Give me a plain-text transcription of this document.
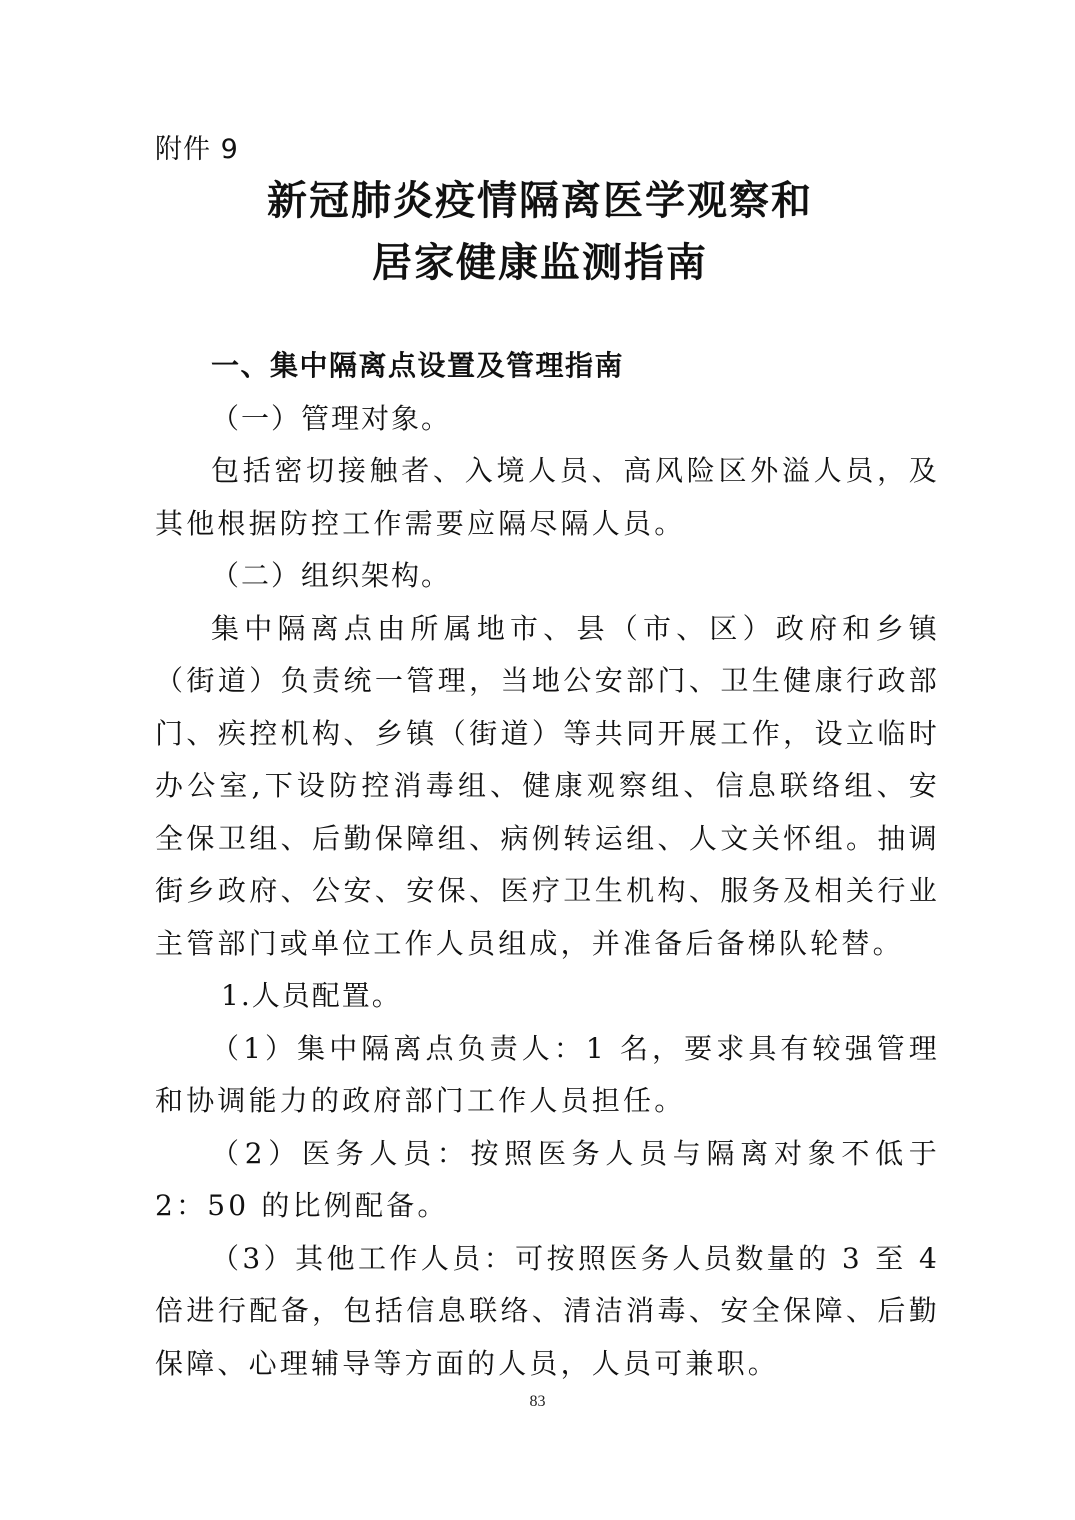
附件 9
新冠肺炎疫情隔离医学观察和
居家健康监测指南

一、集中隔离点设置及管理指南

（一）管理对象。

包括密切接触者、入境人员、高风险区外溢人员，及其他根据防控工作需要应隔尽隔人员。

（二）组织架构。

集中隔离点由所属地市、县（市、区）政府和乡镇（街道）负责统一管理，当地公安部门、卫生健康行政部门、疾控机构、乡镇（街道）等共同开展工作，设立临时办公室,下设防控消毒组、健康观察组、信息联络组、安全保卫组、后勤保障组、病例转运组、人文关怀组。抽调街乡政府、公安、安保、医疗卫生机构、服务及相关行业主管部门或单位工作人员组成，并准备后备梯队轮替。

1.人员配置。

（1）集中隔离点负责人：1 名，要求具有较强管理和协调能力的政府部门工作人员担任。

（2）医务人员：按照医务人员与隔离对象不低于 2：50 的比例配备。

（3）其他工作人员：可按照医务人员数量的 3 至 4 倍进行配备，包括信息联络、清洁消毒、安全保障、后勤保障、心理辅导等方面的人员，人员可兼职。

83
